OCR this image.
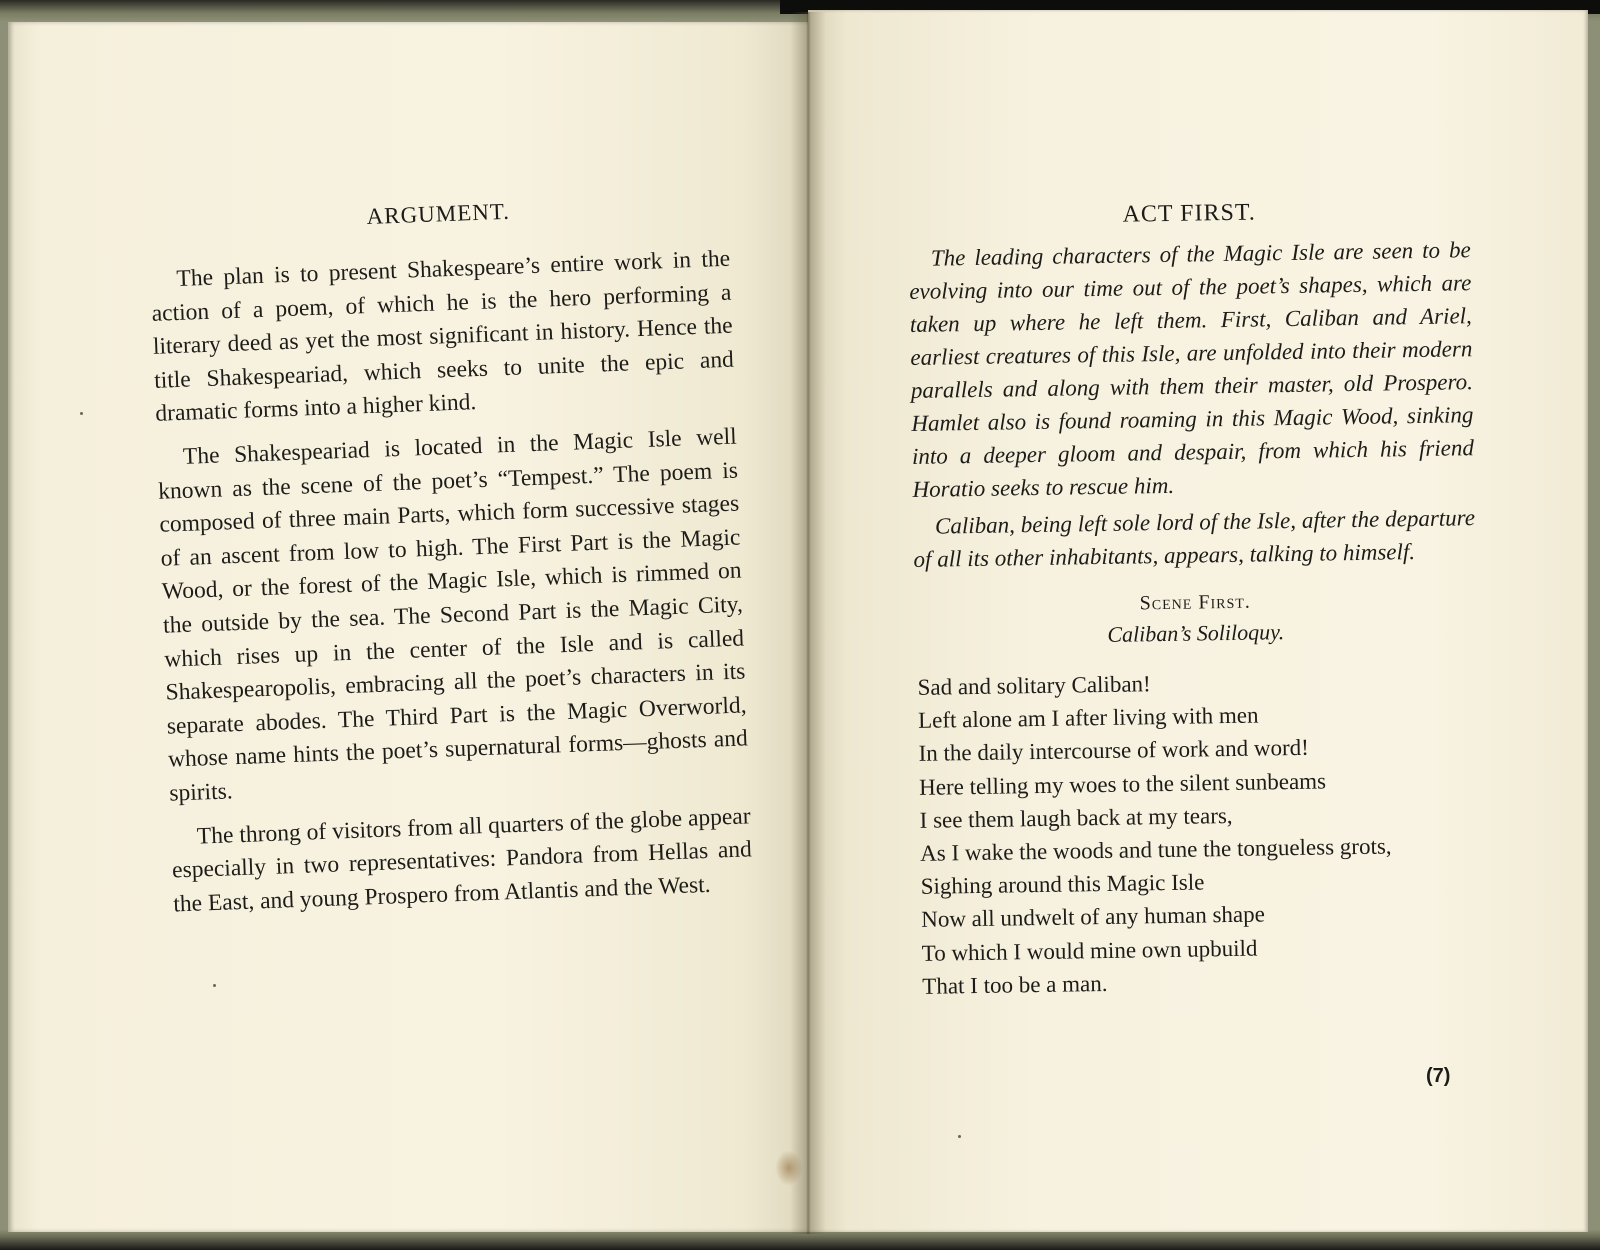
ARGUMENT.

The plan is to present Shakespeare’s entire work in the action of a poem, of which he is the hero performing a literary deed as yet the most significant in history. Hence the title Shakespeariad, which seeks to unite the epic and dramatic forms into a higher kind.

The Shakespeariad is located in the Magic Isle well known as the scene of the poet’s “Tempest.” The poem is composed of three main Parts, which form successive stages of an ascent from low to high. The First Part is the Magic Wood, or the forest of the Magic Isle, which is rimmed on the outside by the sea. The Second Part is the Magic City, which rises up in the center of the Isle and is called Shakespearopolis, embracing all the poet’s characters in its separate abodes. The Third Part is the Magic Overworld, whose name hints the poet’s supernatural forms—ghosts and spirits.

The throng of visitors from all quarters of the globe appear especially in two representatives: Pandora from Hellas and the East, and young Prospero from Atlantis and the West.

ACT FIRST.

The leading characters of the Magic Isle are seen to be evolving into our time out of the poet’s shapes, which are taken up where he left them. First, Caliban and Ariel, earliest creatures of this Isle, are unfolded into their modern parallels and along with them their master, old Prospero. Hamlet also is found roaming in this Magic Wood, sinking into a deeper gloom and despair, from which his friend Horatio seeks to rescue him.

Caliban, being left sole lord of the Isle, after the departure of all its other inhabitants, appears, talking to himself.

Scene First.
Caliban’s Soliloquy.
Sad and solitary Caliban!
Left alone am I after living with men
In the daily intercourse of work and word!
Here telling my woes to the silent sunbeams
I see them laugh back at my tears,
As I wake the woods and tune the tongueless grots,
Sighing around this Magic Isle
Now all undwelt of any human shape
To which I would mine own upbuild
That I too be a man.
(7)
